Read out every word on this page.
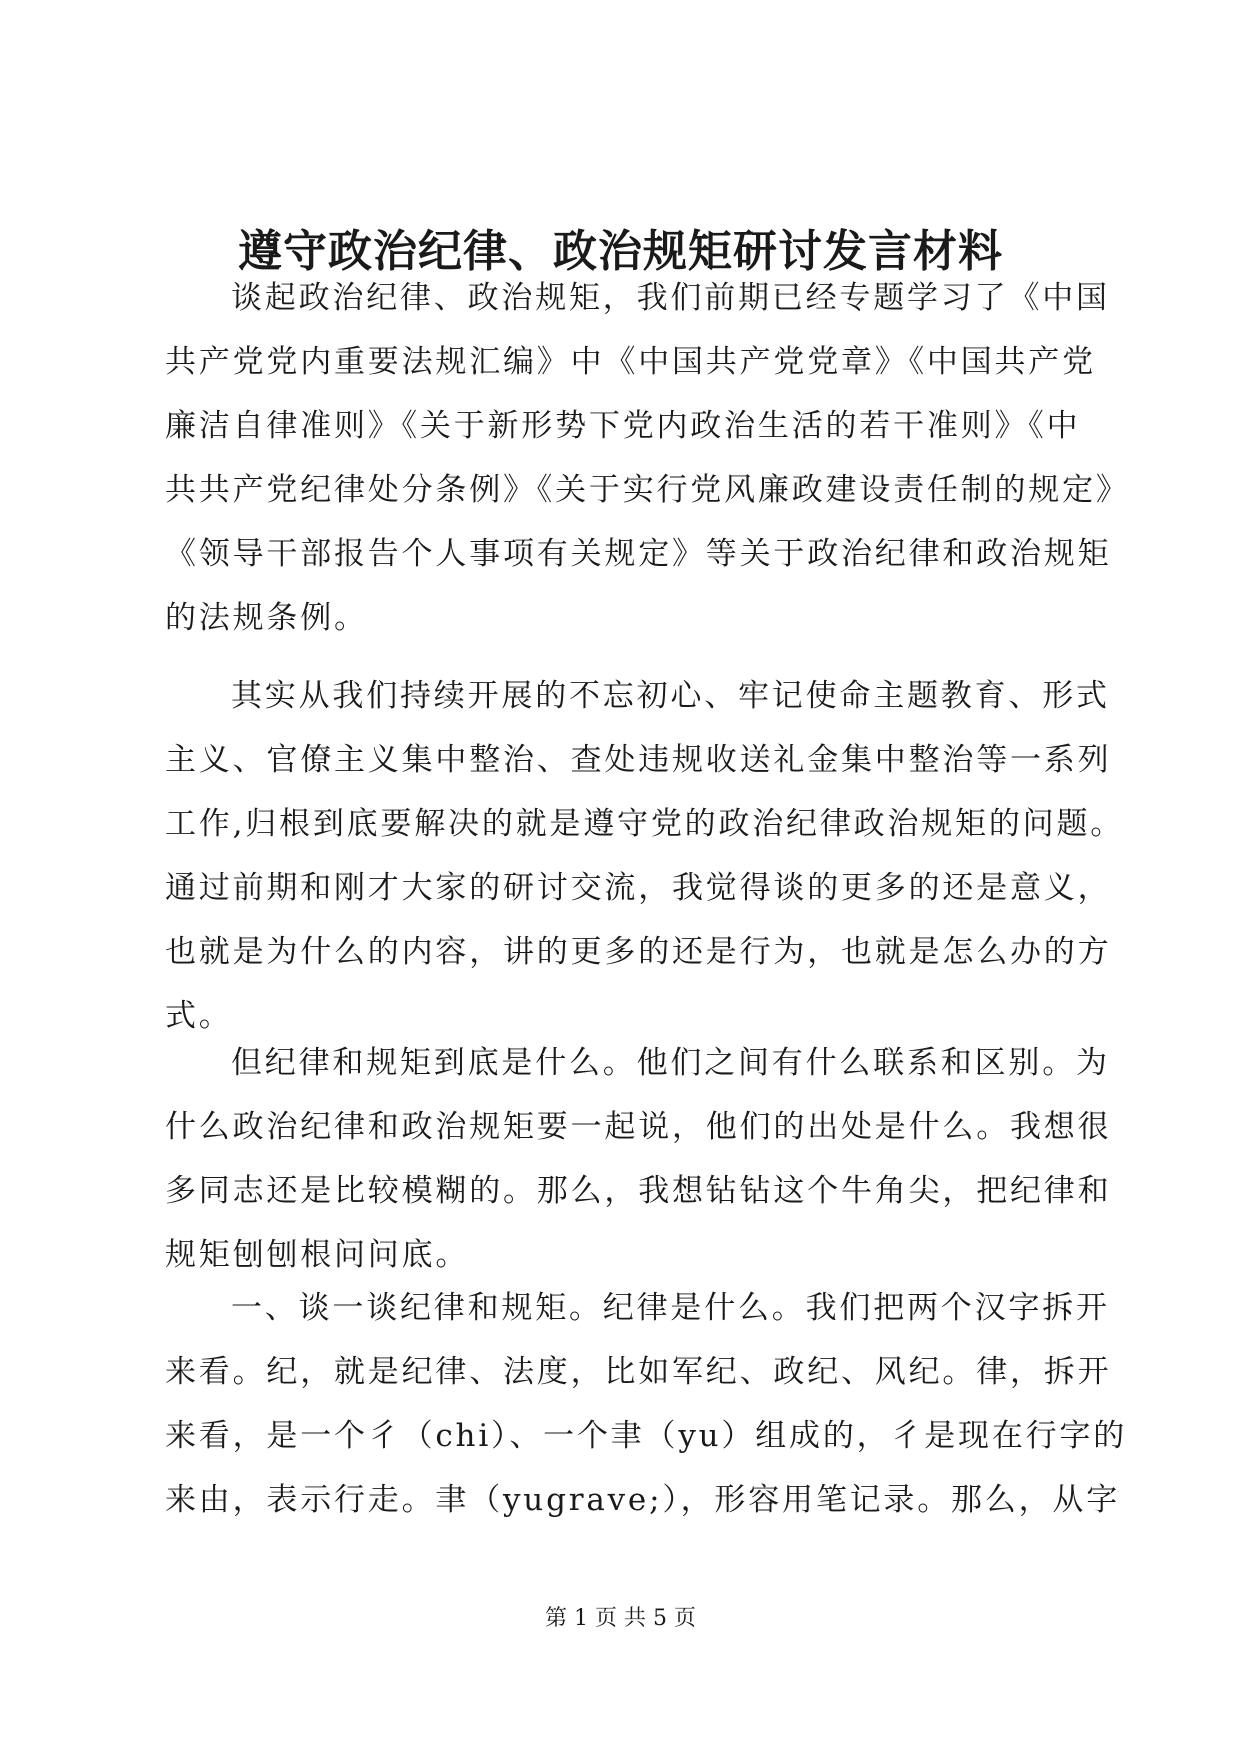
遵守政治纪律、政治规矩研讨发言材料
谈起政治纪律、政治规矩，我们前期已经专题学习了《中国
共产党党内重要法规汇编》中《中国共产党党章》《中国共产党
廉洁自律准则》《关于新形势下党内政治生活的若干准则》《中
共共产党纪律处分条例》《关于实行党风廉政建设责任制的规定》
《领导干部报告个人事项有关规定》等关于政治纪律和政治规矩
的法规条例。
其实从我们持续开展的不忘初心、牢记使命主题教育、形式
主义、官僚主义集中整治、查处违规收送礼金集中整治等一系列
工作,归根到底要解决的就是遵守党的政治纪律政治规矩的问题。
通过前期和刚才大家的研讨交流，我觉得谈的更多的还是意义，
也就是为什么的内容，讲的更多的还是行为，也就是怎么办的方
式。
但纪律和规矩到底是什么。他们之间有什么联系和区别。为
什么政治纪律和政治规矩要一起说，他们的出处是什么。我想很
多同志还是比较模糊的。那么，我想钻钻这个牛角尖，把纪律和
规矩刨刨根问问底。
一、谈一谈纪律和规矩。纪律是什么。我们把两个汉字拆开
来看。纪，就是纪律、法度，比如军纪、政纪、风纪。律，拆开
来看，是一个彳（chi）、一个聿（yu）组成的，彳是现在行字的
来由，表示行走。聿（yugrave;），形容用笔记录。那么，从字
第 1 页 共 5 页
